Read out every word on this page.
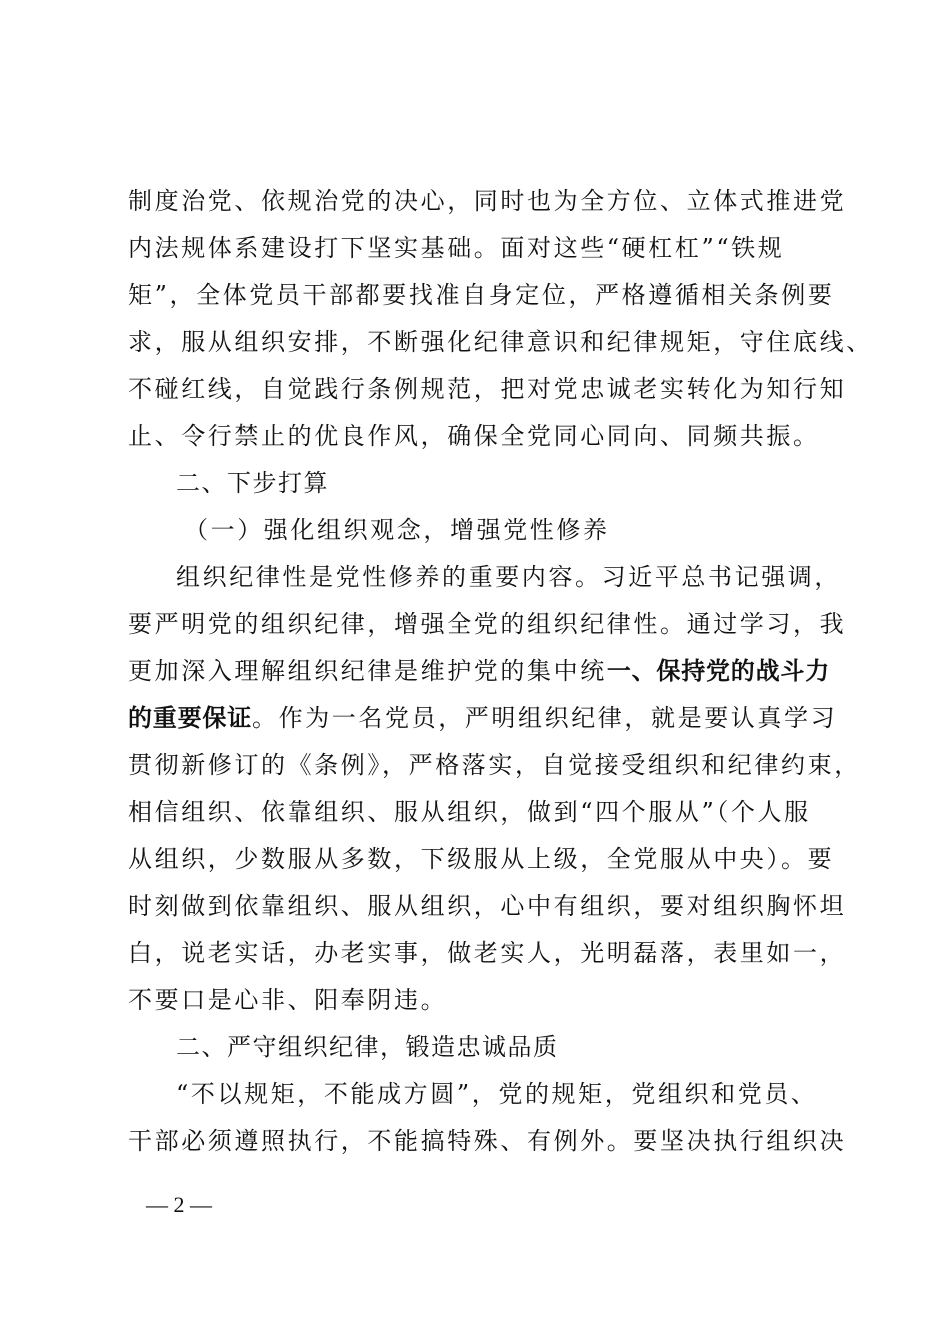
制度治党、依规治党的决心，同时也为全方位、立体式推进党
内法规体系建设打下坚实基础。面对这些“硬杠杠”“铁规
矩”，全体党员干部都要找准自身定位，严格遵循相关条例要
求，服从组织安排，不断强化纪律意识和纪律规矩，守住底线、
不碰红线，自觉践行条例规范，把对党忠诚老实转化为知行知
止、令行禁止的优良作风，确保全党同心同向、同频共振。
二、下步打算
（一）强化组织观念，增强党性修养
组织纪律性是党性修养的重要内容。习近平总书记强调，
要严明党的组织纪律，增强全党的组织纪律性。通过学习，我
更加深入理解组织纪律是维护党的集中统一、保持党的战斗力
的重要保证。作为一名党员，严明组织纪律，就是要认真学习
贯彻新修订的《条例》，严格落实，自觉接受组织和纪律约束，
相信组织、依靠组织、服从组织，做到“四个服从”（个人服
从组织，少数服从多数，下级服从上级，全党服从中央）。要
时刻做到依靠组织、服从组织，心中有组织，要对组织胸怀坦
白，说老实话，办老实事，做老实人，光明磊落，表里如一，
不要口是心非、阳奉阴违。
二、严守组织纪律，锻造忠诚品质
“不以规矩，不能成方圆”，党的规矩，党组织和党员、
干部必须遵照执行，不能搞特殊、有例外。要坚决执行组织决
— 2 —
